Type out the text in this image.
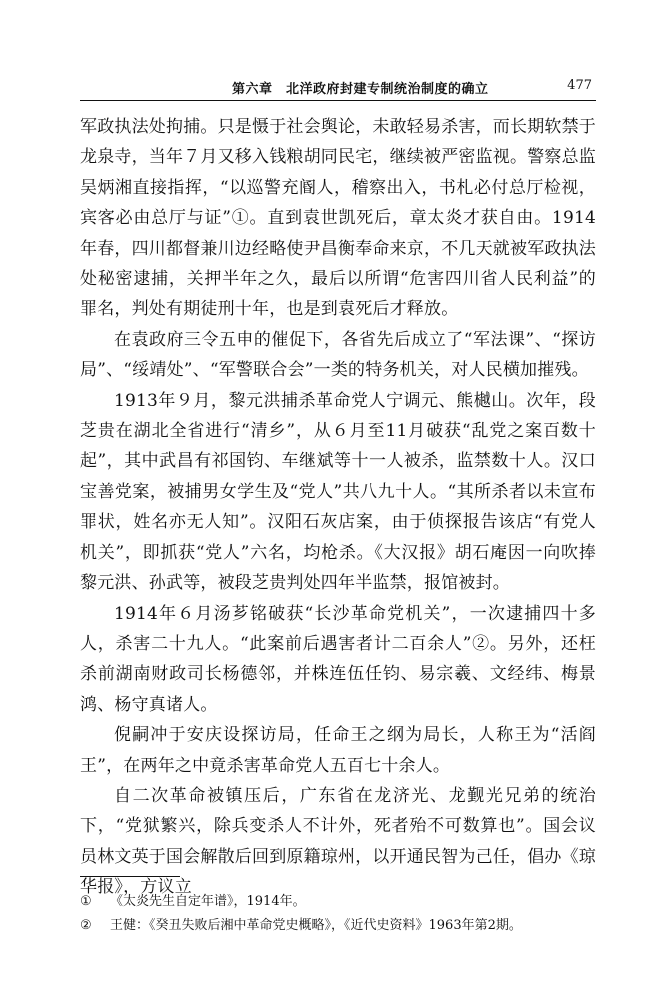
第六章　北洋政府封建专制统治制度的确立	477

军政执法处拘捕。只是慑于社会舆论，未敢轻易杀害，而长期软禁于龙泉寺，当年７月又移入钱粮胡同民宅，继续被严密监视。警察总监吴炳湘直接指挥，“以巡警充阍人，稽察出入，书札必付总厅检视，宾客必由总厅与证”①。直到袁世凯死后，章太炎才获自由。1914年春，四川都督兼川边经略使尹昌衡奉命来京，不几天就被军政执法处秘密逮捕，关押半年之久，最后以所谓“危害四川省人民利益”的罪名，判处有期徒刑十年，也是到袁死后才释放。

在袁政府三令五申的催促下，各省先后成立了“军法课”、“探访局”、“绥靖处”、“军警联合会”一类的特务机关，对人民横加摧残。

1913年９月，黎元洪捕杀革命党人宁调元、熊樾山。次年，段芝贵在湖北全省进行“清乡”，从６月至11月破获“乱党之案百数十起”，其中武昌有祁国钧、车继斌等十一人被杀，监禁数十人。汉口宝善党案，被捕男女学生及“党人”共八九十人。“其所杀者以未宣布罪状，姓名亦无人知”。汉阳石灰店案，由于侦探报告该店“有党人机关”，即抓获“党人”六名，均枪杀。《大汉报》胡石庵因一向吹捧黎元洪、孙武等，被段芝贵判处四年半监禁，报馆被封。

1914年６月汤芗铭破获“长沙革命党机关”，一次逮捕四十多人，杀害二十九人。“此案前后遇害者计二百余人”②。另外，还枉杀前湖南财政司长杨德邻，并株连伍任钧、易宗羲、文经纬、梅景鸿、杨守真诸人。

倪嗣冲于安庆设探访局，任命王之纲为局长，人称王为“活阎王”，在两年之中竟杀害革命党人五百七十余人。

自二次革命被镇压后，广东省在龙济光、龙觐光兄弟的统治下，“党狱繁兴，除兵变杀人不计外，死者殆不可数算也”。国会议员林文英于国会解散后回到原籍琼州，以开通民智为己任，倡办《琼华报》，方议立

①	《太炎先生自定年谱》，1914年。

②	王健：《癸丑失败后湘中革命党史概略》，《近代史资料》1963年第2期。
